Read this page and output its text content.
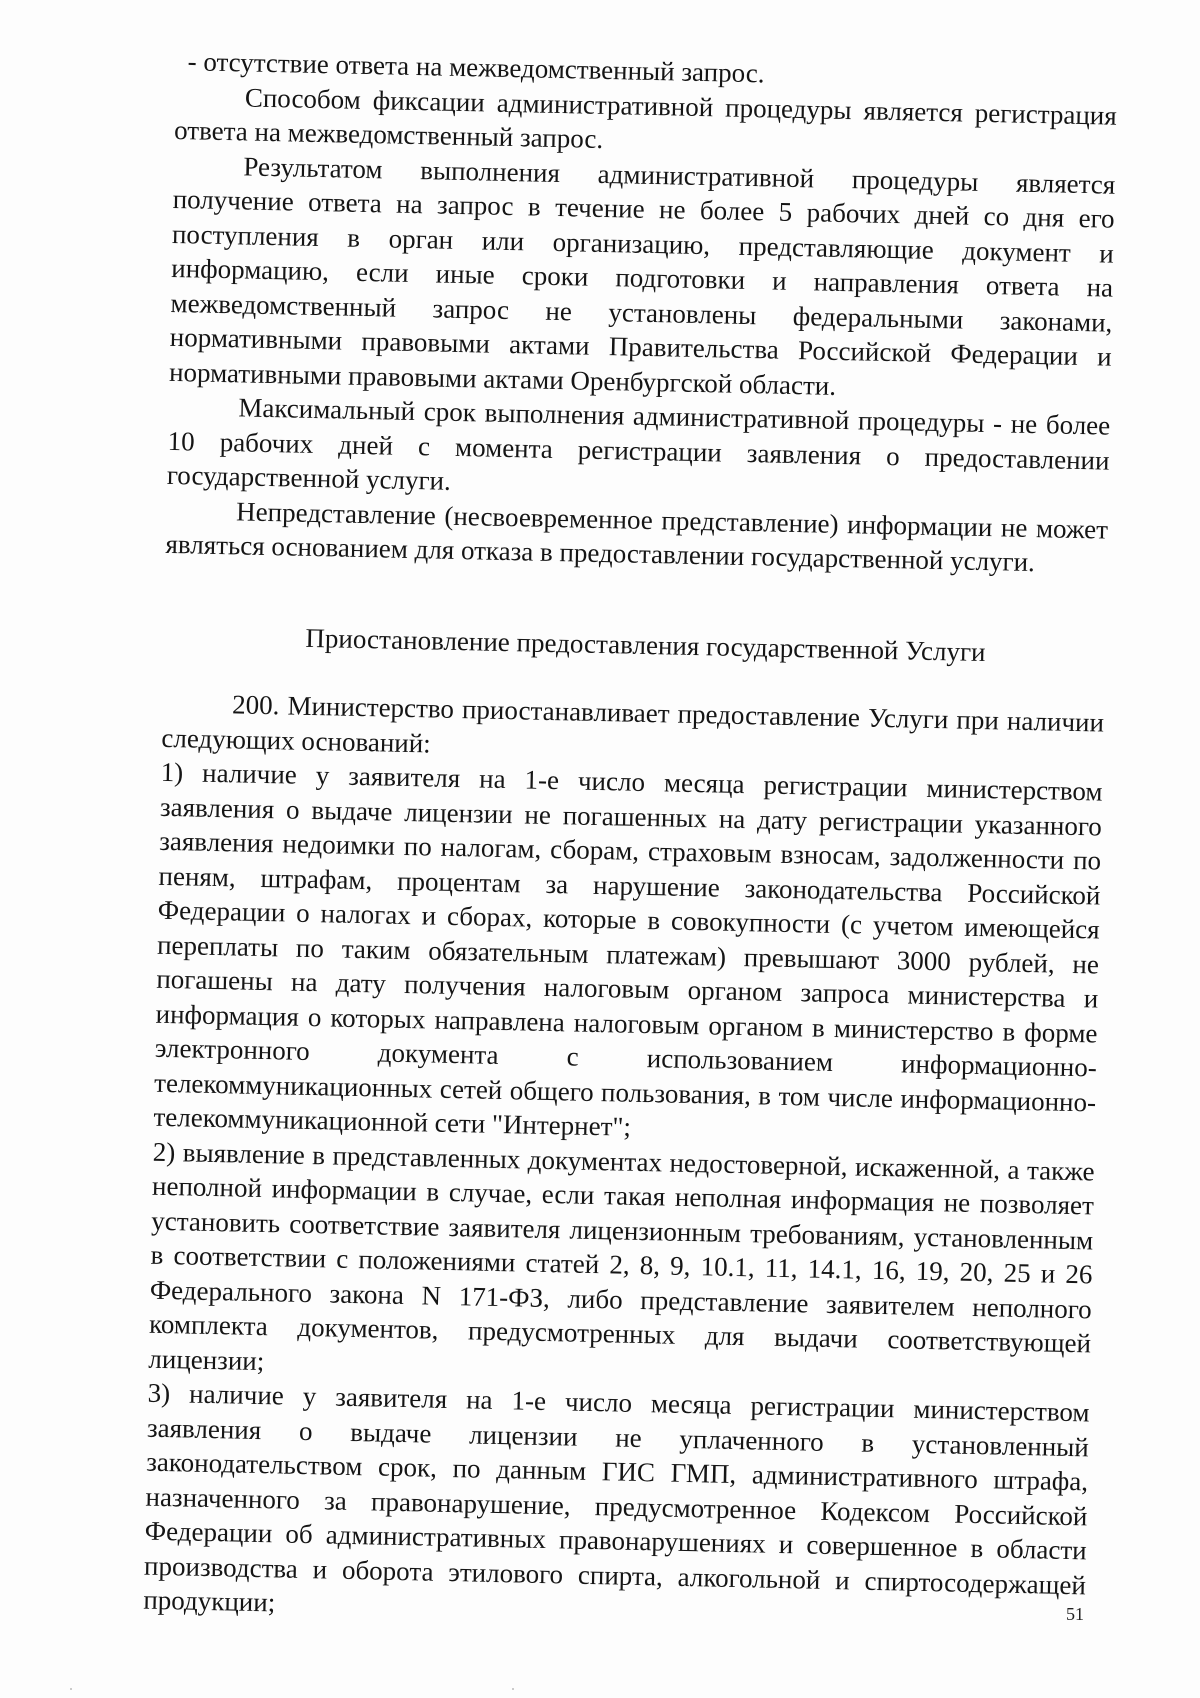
- отсутствие ответа на межведомственный запрос.

Способом фиксации административной процедуры является регистрация ответа на межведомственный запрос.

Результатом выполнения административной процедуры является получение ответа на запрос в течение не более 5 рабочих дней со дня его поступления в орган или организацию, представляющие документ и информацию, если иные сроки подготовки и направления ответа на межведомственный запрос не установлены федеральными законами, нормативными правовыми актами Правительства Российской Федерации и нормативными правовыми актами Оренбургской области.

Максимальный срок выполнения административной процедуры - не более 10 рабочих дней с момента регистрации заявления о предоставлении государственной услуги.

Непредставление (несвоевременное представление) информации не может являться основанием для отказа в предоставлении государственной услуги.

Приостановление предоставления государственной Услуги

200. Министерство приостанавливает предоставление Услуги при наличии следующих оснований:

1) наличие у заявителя на 1-е число месяца регистрации министерством заявления о выдаче лицензии не погашенных на дату регистрации указанного заявления недоимки по налогам, сборам, страховым взносам, задолженности по пеням, штрафам, процентам за нарушение законодательства Российской Федерации о налогах и сборах, которые в совокупности (с учетом имеющейся переплаты по таким обязательным платежам) превышают 3000 рублей, не погашены на дату получения налоговым органом запроса министерства и информация о которых направлена налоговым органом в министерство в форме электронного документа с использованием информационно-телекоммуникационных сетей общего пользования, в том числе информационно-телекоммуникационной сети "Интернет";

2) выявление в представленных документах недостоверной, искаженной, а также неполной информации в случае, если такая неполная информация не позволяет установить соответствие заявителя лицензионным требованиям, установленным в соответствии с положениями статей 2, 8, 9, 10.1, 11, 14.1, 16, 19, 20, 25 и 26 Федерального закона N 171-ФЗ, либо представление заявителем неполного комплекта документов, предусмотренных для выдачи соответствующей лицензии;

3) наличие у заявителя на 1-е число месяца регистрации министерством заявления о выдаче лицензии не уплаченного в установленный законодательством срок, по данным ГИС ГМП, административного штрафа, назначенного за правонарушение, предусмотренное Кодексом Российской Федерации об административных правонарушениях и совершенное в области производства и оборота этилового спирта, алкогольной и спиртосодержащей продукции;	51
